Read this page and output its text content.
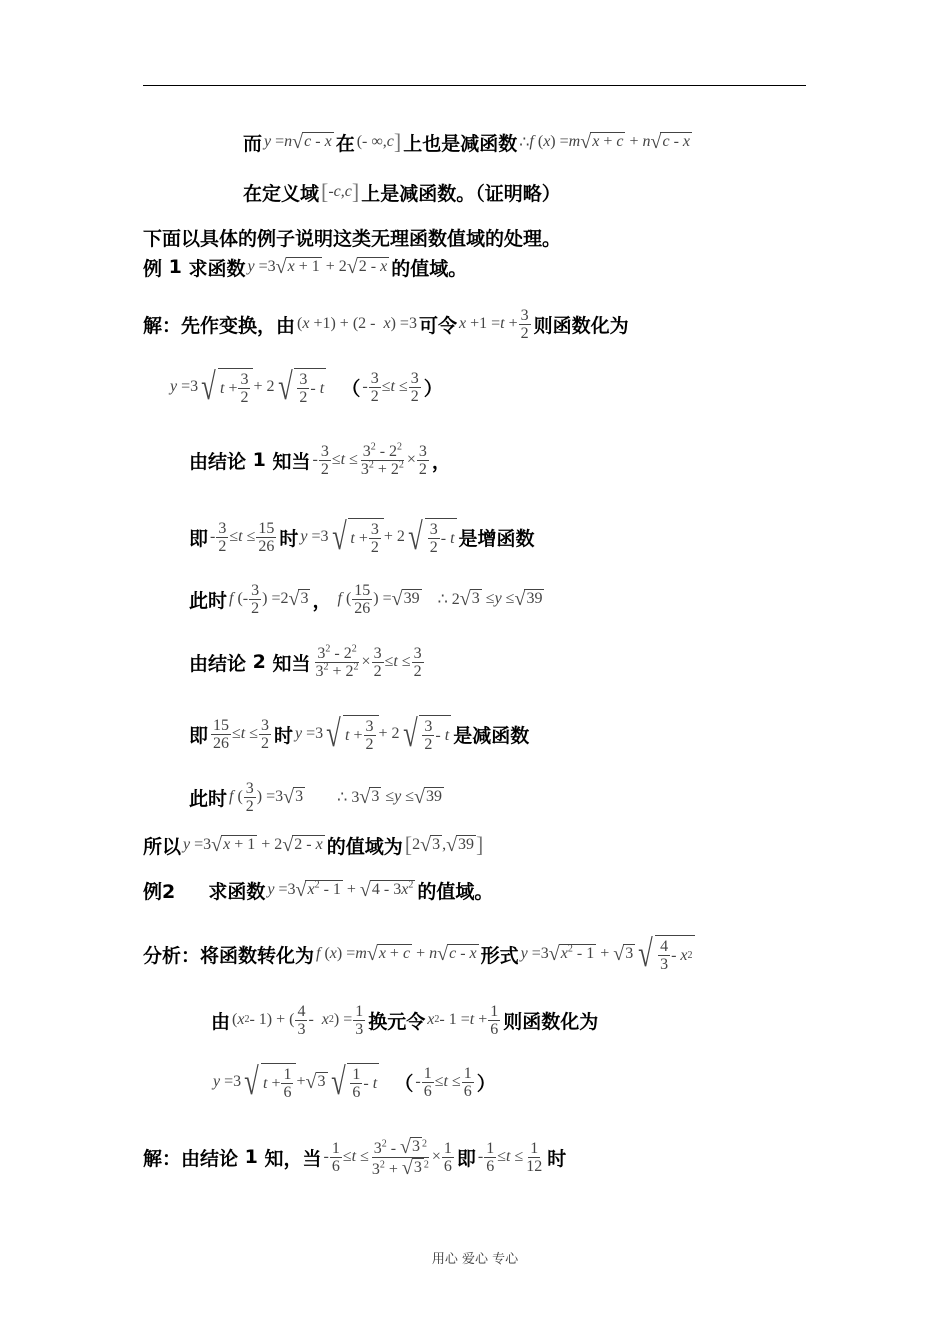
而 y = n √ c - x 在 (- ∞, c ] 上也是减函数 ∴ f ( x ) = m √ x + c + n √ c - x
在定义域 [ - c , c ] 上是减函数。（证明略）
下面以具体的例子说明这类无理函数值域的处理。
例
1
求函数 y =3 √ x + 1 + 2 √ 2 - x 的值域。
解：先作变换，由 ( x +1) + (2 - x ) =3 可令 $x +1 = t + \frac{3}{2}$ 则函数化为
y =3 √ $t + \frac{3}{2} + 2$ √ $\frac{3}{2}$ - t
（ - $\frac{3}{2} \le t \le \frac{3}{2}$ ）
由结论
1
知当 - $\frac{3}{2} \le t \le \frac{3^2 - 2^2}{3^2 + 2^2} \times \frac{3}{2}$ ，
即 - $\frac{3}{2} \le t \le \frac{15}{26}$ 时 y =3 √ $t + \frac{3}{2} + 2$ √ $\frac{3}{2}$ - t 是增函数
此时 f (- $\frac{3}{2}$ ) =2 √ 3 ，
f ( $\frac{15}{26}$ ) = √ 39 ∴ 2 √ 3 ≤ y ≤ √ 39
由结论
2
知当 $\frac{3^2 - 2^2}{3^2 + 2^2} \times \frac{3}{2} \le t \le \frac{3}{2}$
即 $\frac{15}{26} \le t \le \frac{3}{2}$ 时 y =3 √ $t + \frac{3}{2} + 2$ √ $\frac{3}{2}$ - t 是减函数
此时 f ( $\frac{3}{2}$ ) =3 √ 3 ∴ 3 √ 3 ≤ y ≤ √ 39
所以 y =3 √ x + 1 + 2 √ 2 - x 的值域为 [ 2 √ 3 , √ 39 ]
例2
求函数 y =3 √ $x^2 - 1$ + √ $4 - 3x^2$ 的值域。
分析：将函数转化为 f ( x ) = m √ x + c + n √ c - x 形式 y =3 √ $x^2 - 1$ + √ 3 √ $\frac{4}{3}$ - x 2
由 ( x 2 - 1) + ( $\frac{4}{3}$ - x 2 ) = $\frac{1}{3}$ 换元令 x $2 - 1 = t + \frac{1}{6}$ 则函数化为
y =3 √ $t + \frac{1}{6}$ + √ 3 √ $\frac{1}{6}$ - t
（ - $\frac{1}{6} \le t \le \frac{1}{6}$ ）
解：由结论
1
知，当 - $\frac{1}{6} \le t \le \frac{3^2 - √ 3 ^2}{3^2 + √ 3 ^2} \times \frac{1}{6}$ 即 - $\frac{1}{6} \le t \le \frac{1}{12}$ 时
用心 爱心 专心
